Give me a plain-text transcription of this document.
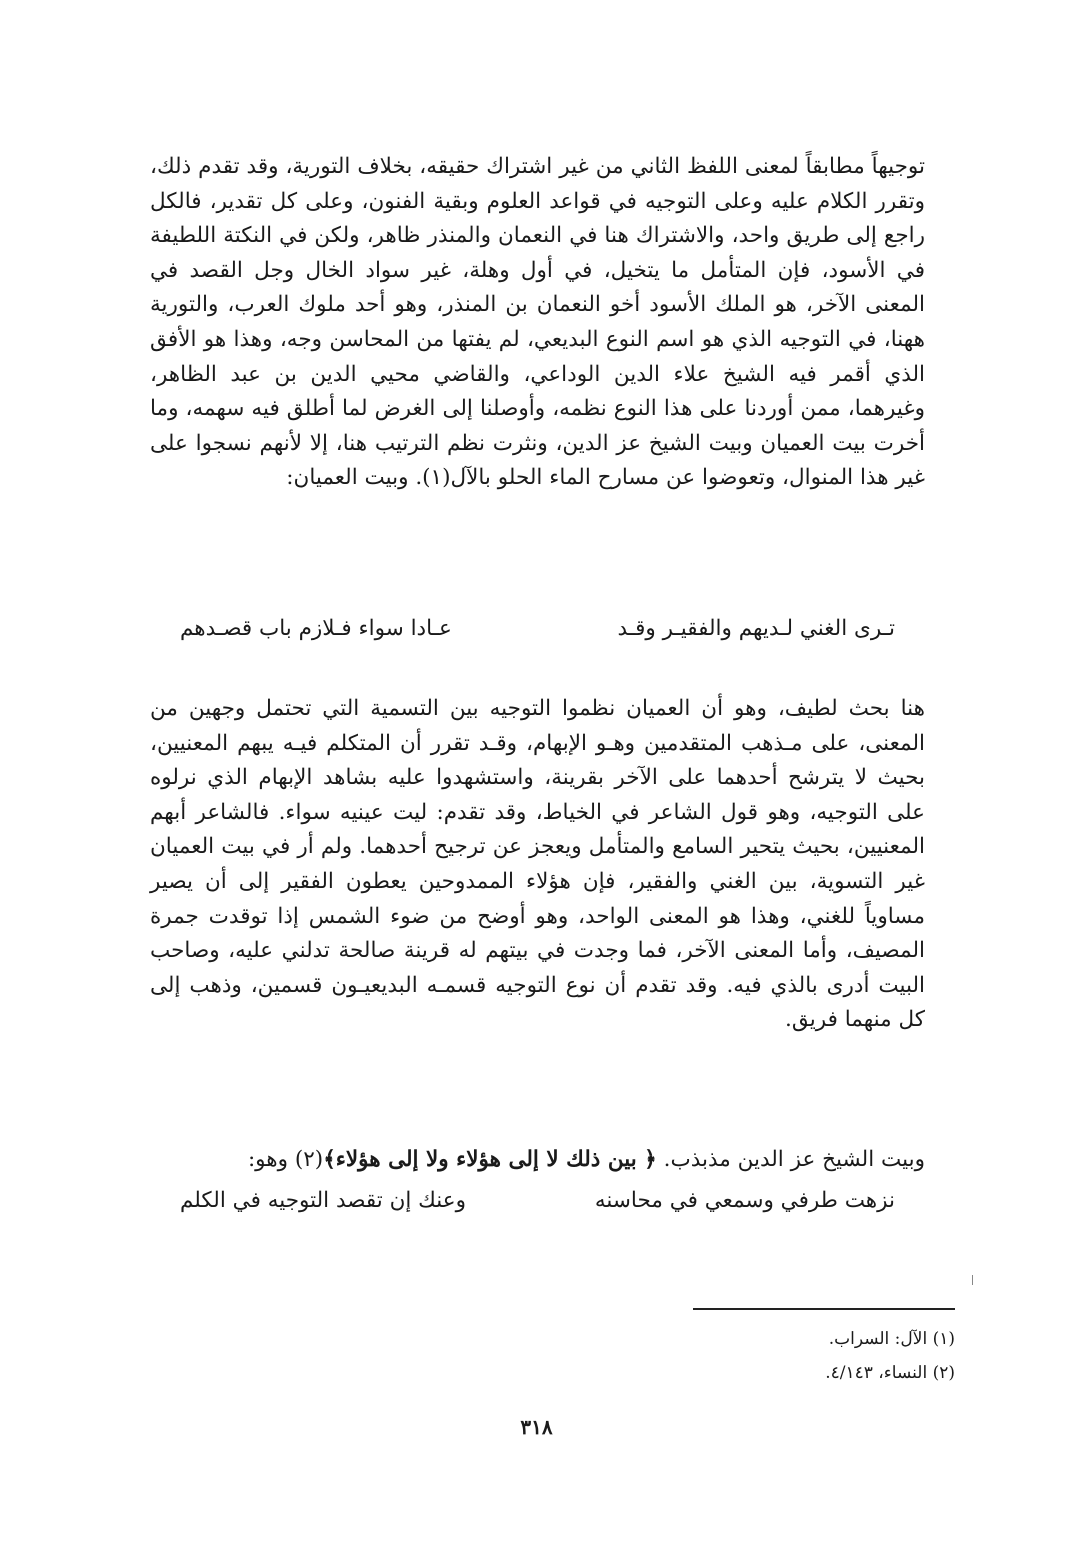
توجيهاً مطابقاً لمعنى اللفظ الثاني من غير اشتراك حقيقه، بخلاف التورية، وقد تقدم ذلك، وتقرر الكلام عليه وعلى التوجيه في قواعد العلوم وبقية الفنون، وعلى كل تقدير، فالكل راجع إلى طريق واحد، والاشتراك هنا في النعمان والمنذر ظاهر، ولكن في النكتة اللطيفة في الأسود، فإن المتأمل ما يتخيل، في أول وهلة، غير سواد الخال وجل القصد في المعنى الآخر، هو الملك الأسود أخو النعمان بن المنذر، وهو أحد ملوك العرب، والتورية ههنا، في التوجيه الذي هو اسم النوع البديعي، لم يفتها من المحاسن وجه، وهذا هو الأفق الذي أقمر فيه الشيخ علاء الدين الوداعي، والقاضي محيي الدين بن عبد الظاهر، وغيرهما، ممن أوردنا على هذا النوع نظمه، وأوصلنا إلى الغرض لما أطلق فيه سهمه، وما أخرت بيت العميان وبيت الشيخ عز الدين، ونثرت نظم الترتيب هنا، إلا لأنهم نسجوا على غير هذا المنوال، وتعوضوا عن مسارح الماء الحلو بالآل(١). وبيت العميان:

تـرى الغني لـديهم والفقيـر وقـد
عـادا سواء فـلازم باب قصـدهم

هنا بحث لطيف، وهو أن العميان نظموا التوجيه بين التسمية التي تحتمل وجهين من المعنى، على مـذهب المتقدمين وهـو الإبهام، وقـد تقرر أن المتكلم فيـه يبهم المعنيين، بحيث لا يترشح أحدهما على الآخر بقرينة، واستشهدوا عليه بشاهد الإبهام الذي نرلوه على التوجيه، وهو قول الشاعر في الخياط، وقد تقدم: ليت عينيه سواء. فالشاعر أبهم المعنيين، بحيث يتحير السامع والمتأمل ويعجز عن ترجيح أحدهما. ولم أر في بيت العميان غير التسوية، بين الغني والفقير، فإن هؤلاء الممدوحين يعطون الفقير إلى أن يصير مساوياً للغني، وهذا هو المعنى الواحد، وهو أوضح من ضوء الشمس إذا توقدت جمرة المصيف، وأما المعنى الآخر، فما وجدت في بيتهم له قرينة صالحة تدلني عليه، وصاحب البيت أدرى بالذي فيه. وقد تقدم أن نوع التوجيه قسمـه البديعيـون قسمين، وذهب إلى كل منهما فريق.

وبيت الشيخ عز الدين مذبذب. ﴿ بين ذلك لا إلى هؤلاء ولا إلى هؤلاء﴾(٢) وهو:

نزهت طرفي وسمعي في محاسنه
وعنك إن تقصد التوجيه في الكلم
(١) الآل: السراب.
(٢) النساء، ٤/١٤٣.
٣١٨
